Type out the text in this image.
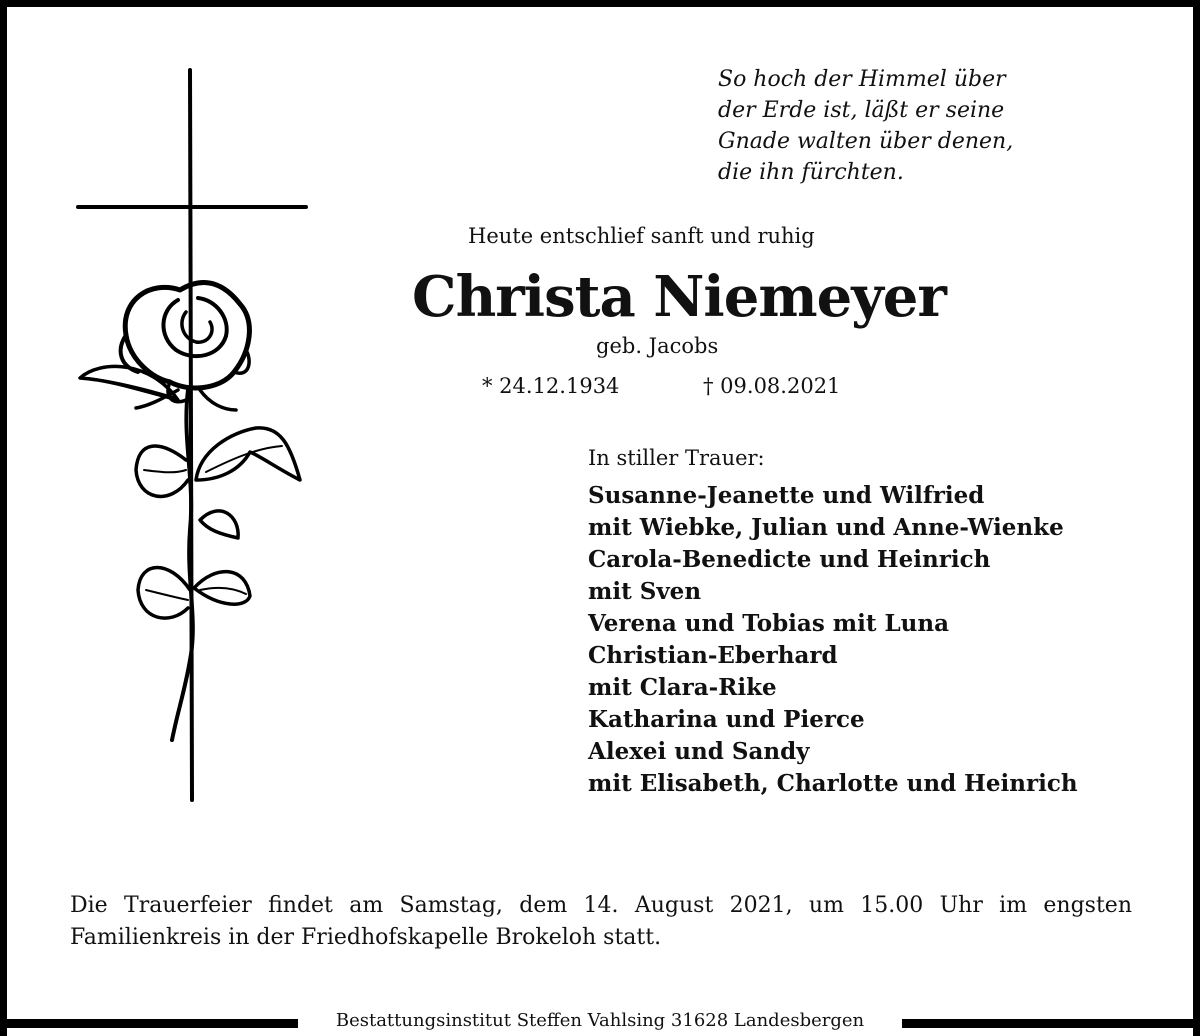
So hoch der Himmel über
der Erde ist, läßt er seine
Gnade walten über denen,
die ihn fürchten.
Heute entschlief sanft und ruhig
Christa Niemeyer
geb. Jacobs
* 24.12.1934	† 09.08.2021
In stiller Trauer:
Susanne-Jeanette und Wilfried
mit Wiebke, Julian und Anne-Wienke
Carola-Benedicte und Heinrich
mit Sven
Verena und Tobias mit Luna
Christian-Eberhard
mit Clara-Rike
Katharina und Pierce
Alexei und Sandy
mit Elisabeth, Charlotte und Heinrich
Die Trauerfeier findet am Samstag, dem 14. August 2021, um 15.00 Uhr im engsten Familienkreis in der Friedhofskapelle Brokeloh statt.
Bestattungsinstitut Steffen Vahlsing 31628 Landesbergen
